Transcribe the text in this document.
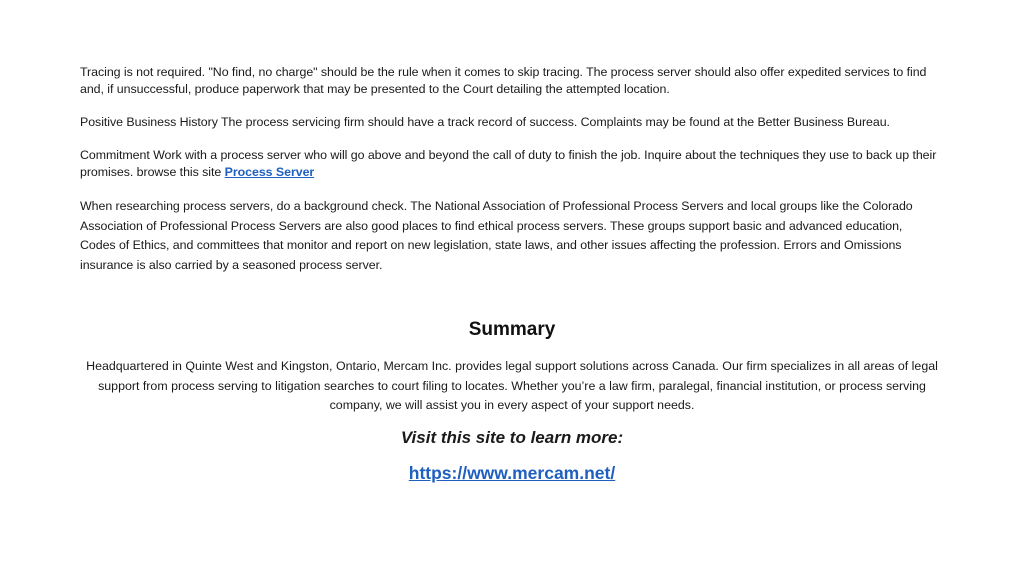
Tracing is not required. "No find, no charge" should be the rule when it comes to skip tracing. The process server should also offer expedited services to find and, if unsuccessful, produce paperwork that may be presented to the Court detailing the attempted location.

Positive Business History The process servicing firm should have a track record of success. Complaints may be found at the Better Business Bureau.

Commitment Work with a process server who will go above and beyond the call of duty to finish the job. Inquire about the techniques they use to back up their promises. browse this site Process Server

When researching process servers, do a background check. The National Association of Professional Process Servers and local groups like the Colorado Association of Professional Process Servers are also good places to find ethical process servers. These groups support basic and advanced education, Codes of Ethics, and committees that monitor and report on new legislation, state laws, and other issues affecting the profession. Errors and Omissions insurance is also carried by a seasoned process server.

Summary

Headquartered in Quinte West and Kingston, Ontario, Mercam Inc. provides legal support solutions across Canada. Our firm specializes in all areas of legal support from process serving to litigation searches to court filing to locates. Whether you’re a law firm, paralegal, financial institution, or process serving company, we will assist you in every aspect of your support needs.

Visit this site to learn more:

https://www.mercam.net/
